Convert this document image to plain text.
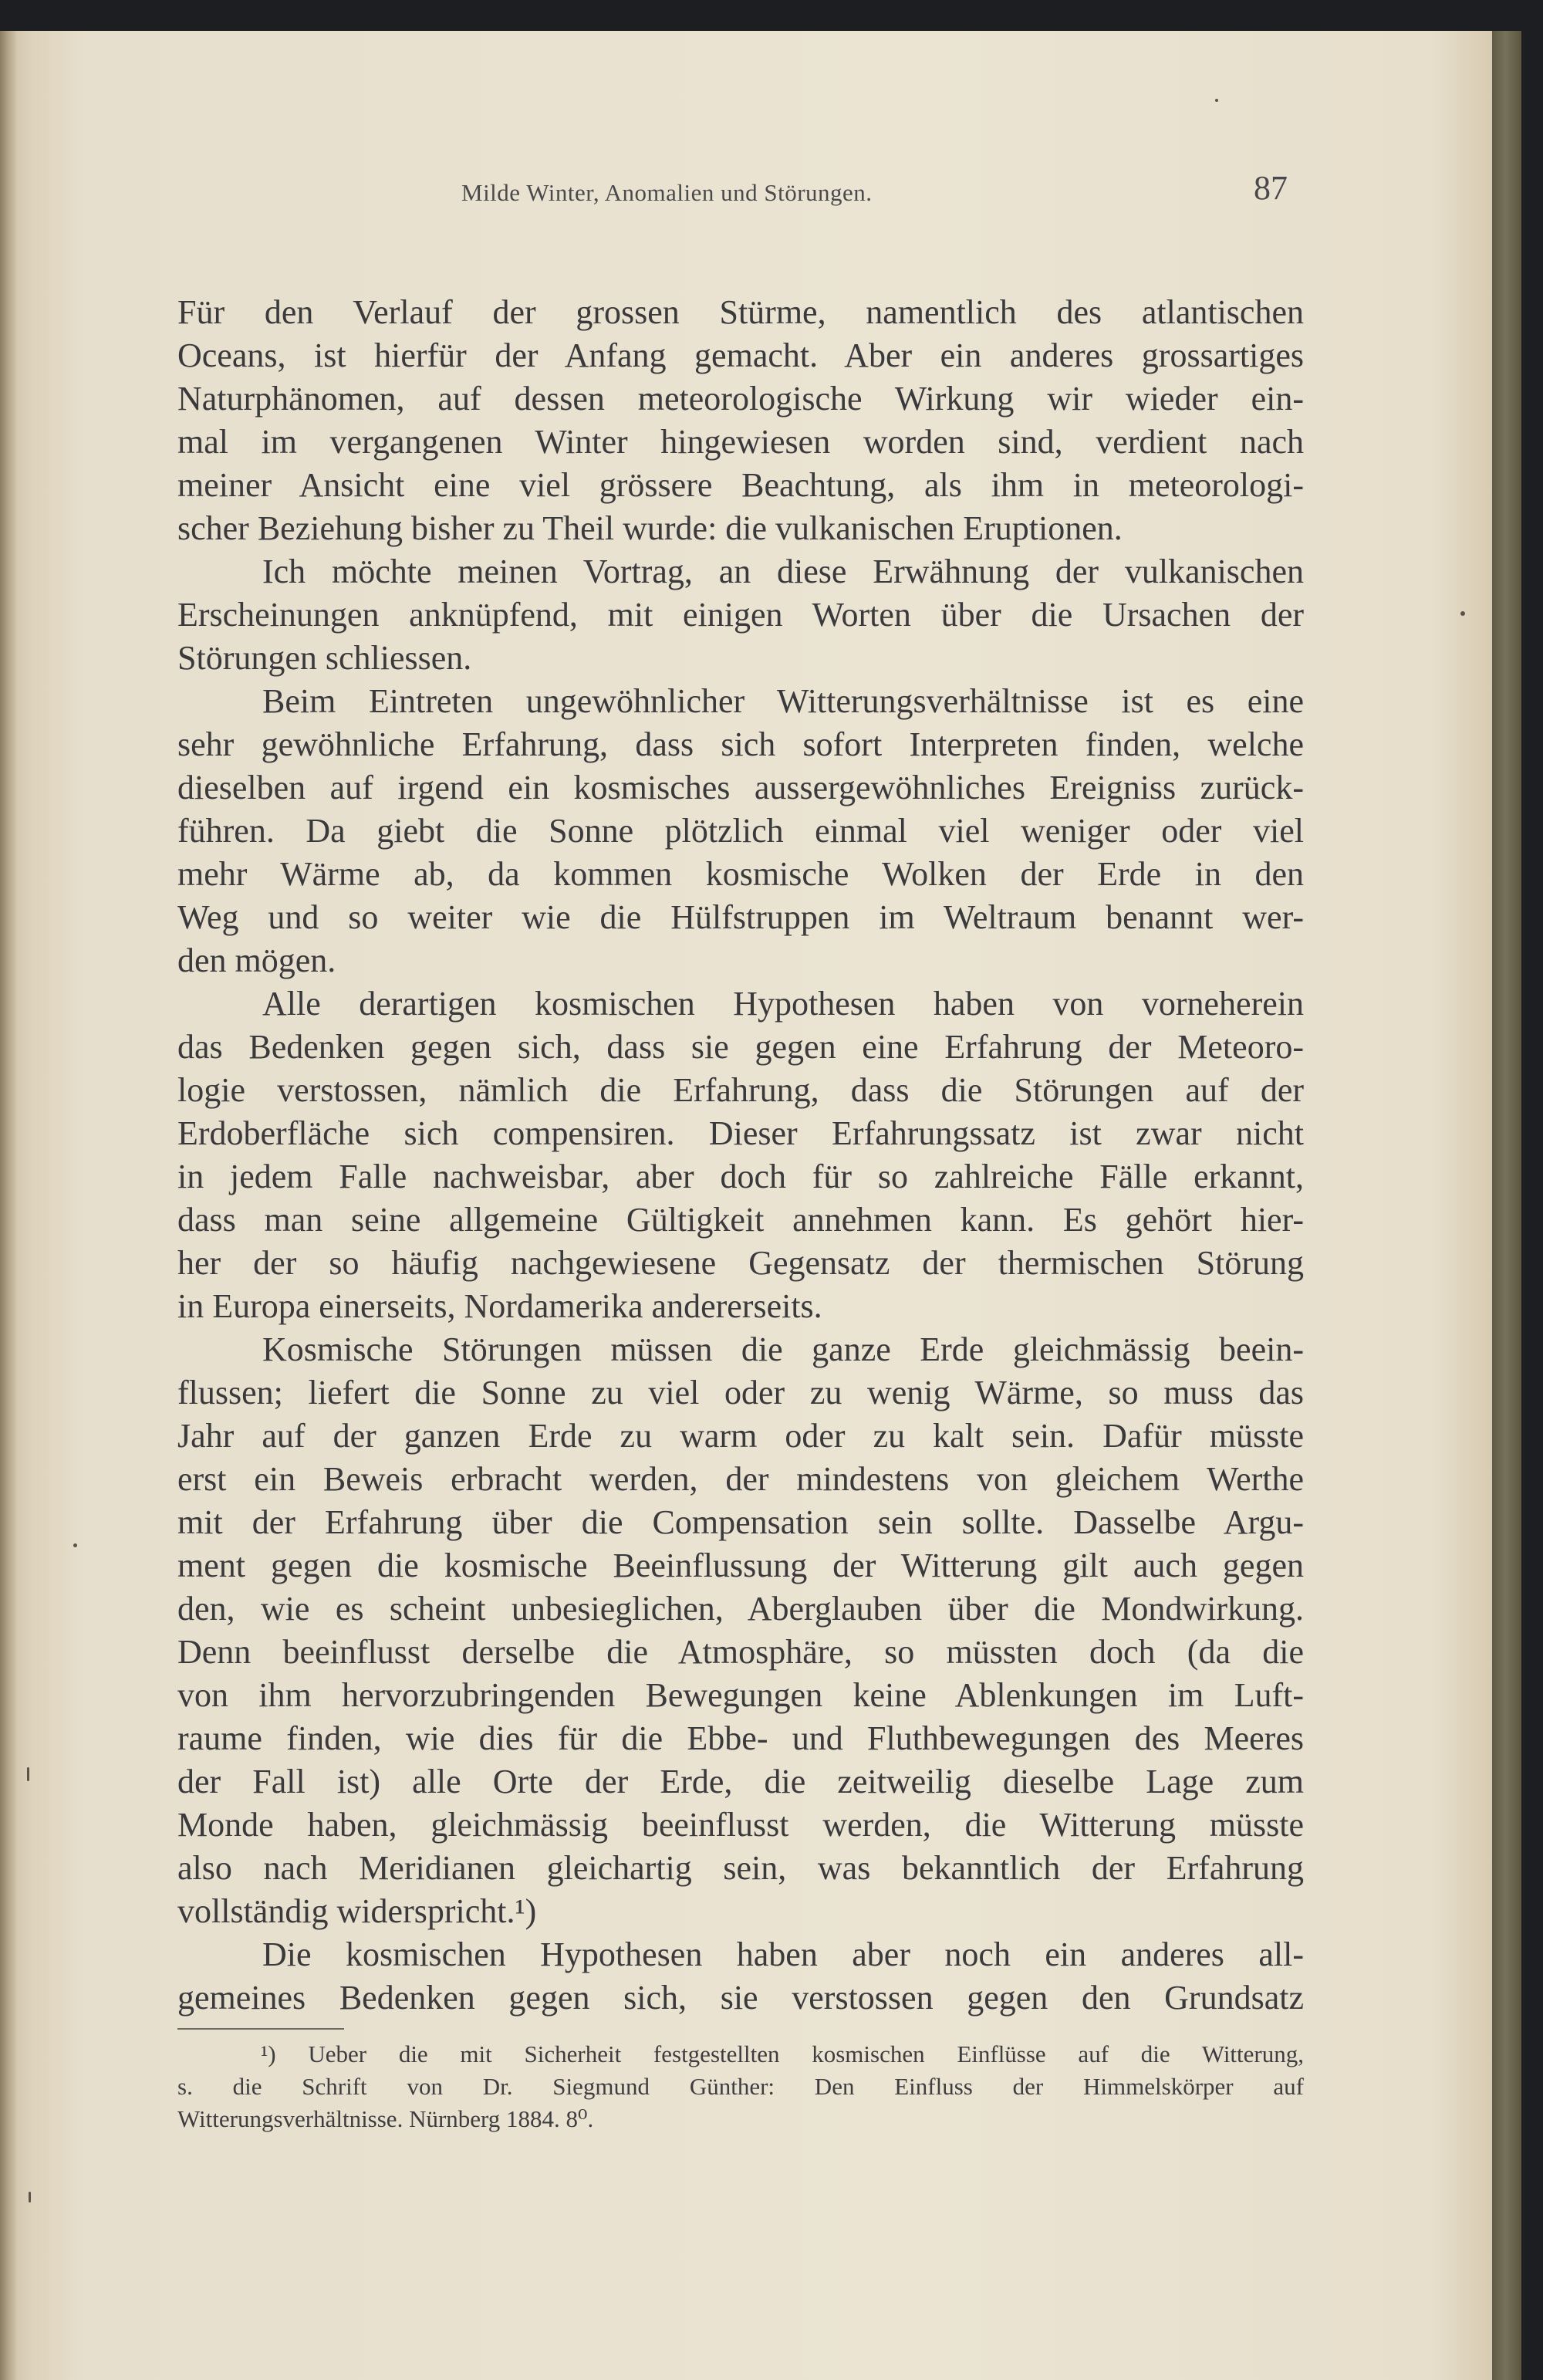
Milde Winter, Anomalien und Störungen.	87
Für den Verlauf der grossen Stürme, namentlich des atlantischen
Oceans, ist hierfür der Anfang gemacht. Aber ein anderes grossartiges
Naturphänomen, auf dessen meteorologische Wirkung wir wieder ein-
mal im vergangenen Winter hingewiesen worden sind, verdient nach
meiner Ansicht eine viel grössere Beachtung, als ihm in meteorologi-
scher Beziehung bisher zu Theil wurde: die vulkanischen Eruptionen.
Ich möchte meinen Vortrag, an diese Erwähnung der vulkanischen
Erscheinungen anknüpfend, mit einigen Worten über die Ursachen der
Störungen schliessen.
Beim Eintreten ungewöhnlicher Witterungsverhältnisse ist es eine
sehr gewöhnliche Erfahrung, dass sich sofort Interpreten finden, welche
dieselben auf irgend ein kosmisches aussergewöhnliches Ereigniss zurück-
führen. Da giebt die Sonne plötzlich einmal viel weniger oder viel
mehr Wärme ab, da kommen kosmische Wolken der Erde in den
Weg und so weiter wie die Hülfstruppen im Weltraum benannt wer-
den mögen.
Alle derartigen kosmischen Hypothesen haben von vorneherein
das Bedenken gegen sich, dass sie gegen eine Erfahrung der Meteoro-
logie verstossen, nämlich die Erfahrung, dass die Störungen auf der
Erdoberfläche sich compensiren. Dieser Erfahrungssatz ist zwar nicht
in jedem Falle nachweisbar, aber doch für so zahlreiche Fälle erkannt,
dass man seine allgemeine Gültigkeit annehmen kann. Es gehört hier-
her der so häufig nachgewiesene Gegensatz der thermischen Störung
in Europa einerseits, Nordamerika andererseits.
Kosmische Störungen müssen die ganze Erde gleichmässig beein-
flussen; liefert die Sonne zu viel oder zu wenig Wärme, so muss das
Jahr auf der ganzen Erde zu warm oder zu kalt sein. Dafür müsste
erst ein Beweis erbracht werden, der mindestens von gleichem Werthe
mit der Erfahrung über die Compensation sein sollte. Dasselbe Argu-
ment gegen die kosmische Beeinflussung der Witterung gilt auch gegen
den, wie es scheint unbesieglichen, Aberglauben über die Mondwirkung.
Denn beeinflusst derselbe die Atmosphäre, so müssten doch (da die
von ihm hervorzubringenden Bewegungen keine Ablenkungen im Luft-
raume finden, wie dies für die Ebbe- und Fluthbewegungen des Meeres
der Fall ist) alle Orte der Erde, die zeitweilig dieselbe Lage zum
Monde haben, gleichmässig beeinflusst werden, die Witterung müsste
also nach Meridianen gleichartig sein, was bekanntlich der Erfahrung
vollständig widerspricht.¹)
Die kosmischen Hypothesen haben aber noch ein anderes all-
gemeines Bedenken gegen sich, sie verstossen gegen den Grundsatz
¹) Ueber die mit Sicherheit festgestellten kosmischen Einflüsse auf die Witterung,
s. die Schrift von Dr. Siegmund Günther: Den Einfluss der Himmelskörper auf
Witterungsverhältnisse. Nürnberg 1884. 8⁰.
